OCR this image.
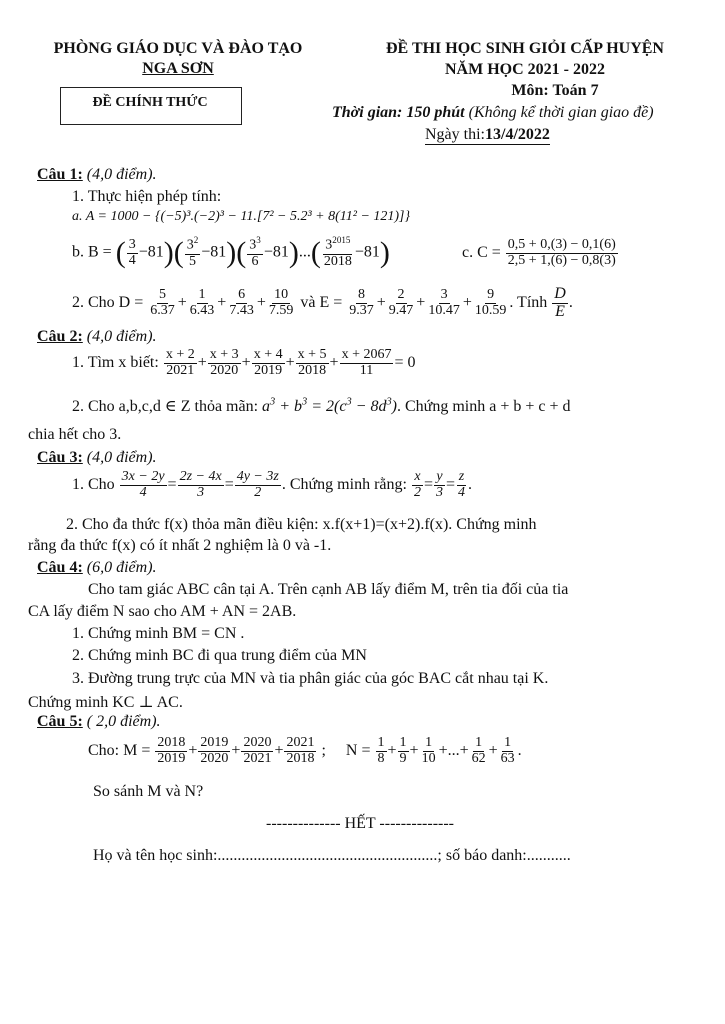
PHÒNG GIÁO DỤC VÀ ĐÀO TẠO
NGA SƠN
ĐỀ CHÍNH THỨC
ĐỀ THI HỌC SINH GIỎI CẤP HUYỆN
NĂM HỌC 2021 - 2022
Môn: Toán 7
Thời gian: 150 phút (Không kể thời gian giao đề)
Ngày thi:13/4/2022
Câu 1: (4,0 điểm).
1. Thực hiện phép tính:
a. A = 1000 − {(−5)³.(−2)³ − 11.[7² − 5.2³ + 8(11² − 121)]}
b. B = ( $\frac{3}{4} -81)( \frac{3^2}{5} -81)( \frac{3^3}{6} -81)...( \frac{3^{2015}}{2018} -81)$	c. $C = \frac{0,5 + 0,(3) - 0,1(6)}{2,5 + 1,(6) - 0,8(3)}$
2. Cho $D = \frac{5}{6.37} + \frac{1}{6.43} + \frac{6}{7.43} + \frac{10}{7.59}$ và $E = \frac{8}{9.37} + \frac{2}{9.47} + \frac{3}{10.47} + \frac{9}{10.59}$ . Tính $\frac{D}{E}$ .
Câu 2: (4,0 điểm).
1. Tìm x biết: $\frac{x + 2}{2021} + \frac{x + 3}{2020} + \frac{x + 4}{2019} + \frac{x + 5}{2018} + \frac{x + 2067}{11} = 0$
2. Cho a,b,c,d ∈ Z thỏa mãn: $a^3 + b^3 = 2(c^3 - 8d^3)$. Chứng minh a + b + c + d
chia hết cho 3.
Câu 3: (4,0 điểm).
1. Cho $\frac{3x - 2y}{4} = \frac{2z - 4x}{3} = \frac{4y - 3z}{2}$ . Chứng minh rằng: $\frac{x}{2} = \frac{y}{3} = \frac{z}{4}$ .
2. Cho đa thức f(x) thỏa mãn điều kiện: x.f(x+1)=(x+2).f(x). Chứng minh
rằng đa thức f(x) có ít nhất 2 nghiệm là 0 và -1.
Câu 4: (6,0 điểm).
Cho tam giác ABC cân tại A. Trên cạnh AB lấy điểm M, trên tia đối của tia
CA lấy điểm N sao cho AM + AN = 2AB.
1. Chứng minh BM = CN .
2. Chứng minh BC đi qua trung điểm của MN
3. Đường trung trực của MN và tia phân giác của góc BAC cắt nhau tại K.
Chứng minh KC ⊥ AC.
Câu 5: ( 2,0 điểm).
Cho: $M = \frac{2018}{2019} + \frac{2019}{2020} + \frac{2020}{2021} + \frac{2021}{2018}$ ;     $N = \frac{1}{8} + \frac{1}{9} + \frac{1}{10}$ +...+ $\frac{1}{62} + \frac{1}{63}$ .
So sánh M và N?
-------------- HẾT --------------
Họ và tên học sinh:.......................................................; số báo danh:...........
